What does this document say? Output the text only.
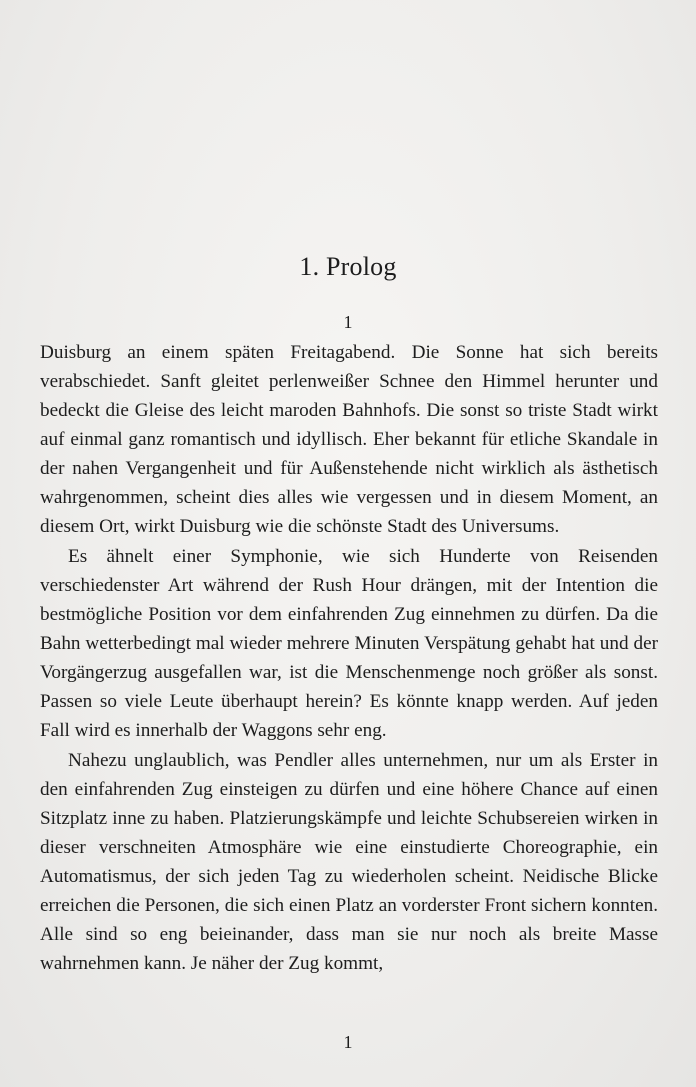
1. Prolog
1

Duisburg an einem späten Freitagabend. Die Sonne hat sich bereits verabschiedet. Sanft gleitet perlenweißer Schnee den Himmel herunter und bedeckt die Gleise des leicht maroden Bahnhofs. Die sonst so triste Stadt wirkt auf einmal ganz romantisch und idyllisch. Eher bekannt für etliche Skandale in der nahen Vergangenheit und für Außenstehende nicht wirklich als ästhetisch wahrgenommen, scheint dies alles wie vergessen und in diesem Moment, an diesem Ort, wirkt Duisburg wie die schönste Stadt des Universums.

Es ähnelt einer Symphonie, wie sich Hunderte von Reisenden verschiedenster Art während der Rush Hour drängen, mit der Intention die bestmögliche Position vor dem einfahrenden Zug einnehmen zu dürfen. Da die Bahn wetterbedingt mal wieder mehrere Minuten Verspätung gehabt hat und der Vorgängerzug ausgefallen war, ist die Menschenmenge noch größer als sonst. Passen so viele Leute überhaupt herein? Es könnte knapp werden. Auf jeden Fall wird es innerhalb der Waggons sehr eng.

Nahezu unglaublich, was Pendler alles unternehmen, nur um als Erster in den einfahrenden Zug einsteigen zu dürfen und eine höhere Chance auf einen Sitzplatz inne zu haben. Platzierungskämpfe und leichte Schubsereien wirken in dieser verschneiten Atmosphäre wie eine einstudierte Choreographie, ein Automatismus, der sich jeden Tag zu wiederholen scheint. Neidische Blicke erreichen die Personen, die sich einen Platz an vorderster Front sichern konnten. Alle sind so eng beieinander, dass man sie nur noch als breite Masse wahrnehmen kann. Je näher der Zug kommt,

1
